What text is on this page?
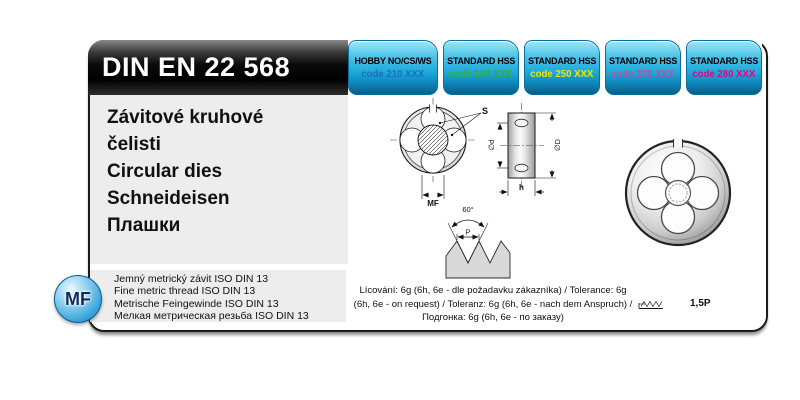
DIN EN 22 568	HOBBY NO/CS/WS
code 210 XXX
STANDARD HSS
code 240 XXX
STANDARD HSS
code 250 XXX
STANDARD HSS
code 270 XXX
STANDARD HSS
code 280 XXX
Závitové kruhové
čelisti
Circular dies
Schneideisen
Плашки
S
MF
∅d	∅D
h
60°
P
Jemný metrický závit ISO DIN 13
Fine metric thread ISO DIN 13
Metrische Feingewinde ISO DIN 13
Мелкая метрическая резьба ISO DIN 13
MF	Lícování: 6g (6h, 6e - dle požadavku zákazníka) / Tolerance: 6g (6h, 6e - on request) / Toleranz: 6g (6h, 6e - nach dem Anspruch) / Подгонка: 6g (6h, 6e - по заказу)
1,5P
